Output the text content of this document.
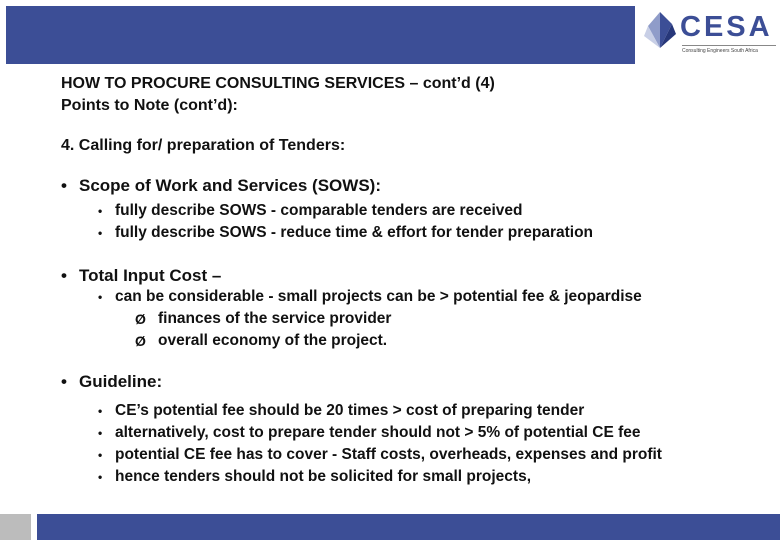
CESA
Consulting Engineers South Africa
HOW TO PROCURE CONSULTING SERVICES – cont’d (4)
Points to Note (cont’d):
4. Calling for/ preparation of Tenders:
• Scope of Work and Services (SOWS):
• fully describe SOWS - comparable tenders are received
• fully describe SOWS - reduce time & effort for tender preparation
• Total Input Cost –
• can be considerable - small projects can be > potential fee & jeopardise
Ø finances of the service provider
Ø overall economy of the project.
• Guideline:
• CE’s potential fee should be 20 times > cost of preparing tender
• alternatively, cost to prepare tender should not > 5% of potential CE fee
• potential CE fee has to cover - Staff costs, overheads, expenses and profit
• hence tenders should not be solicited for small projects,
